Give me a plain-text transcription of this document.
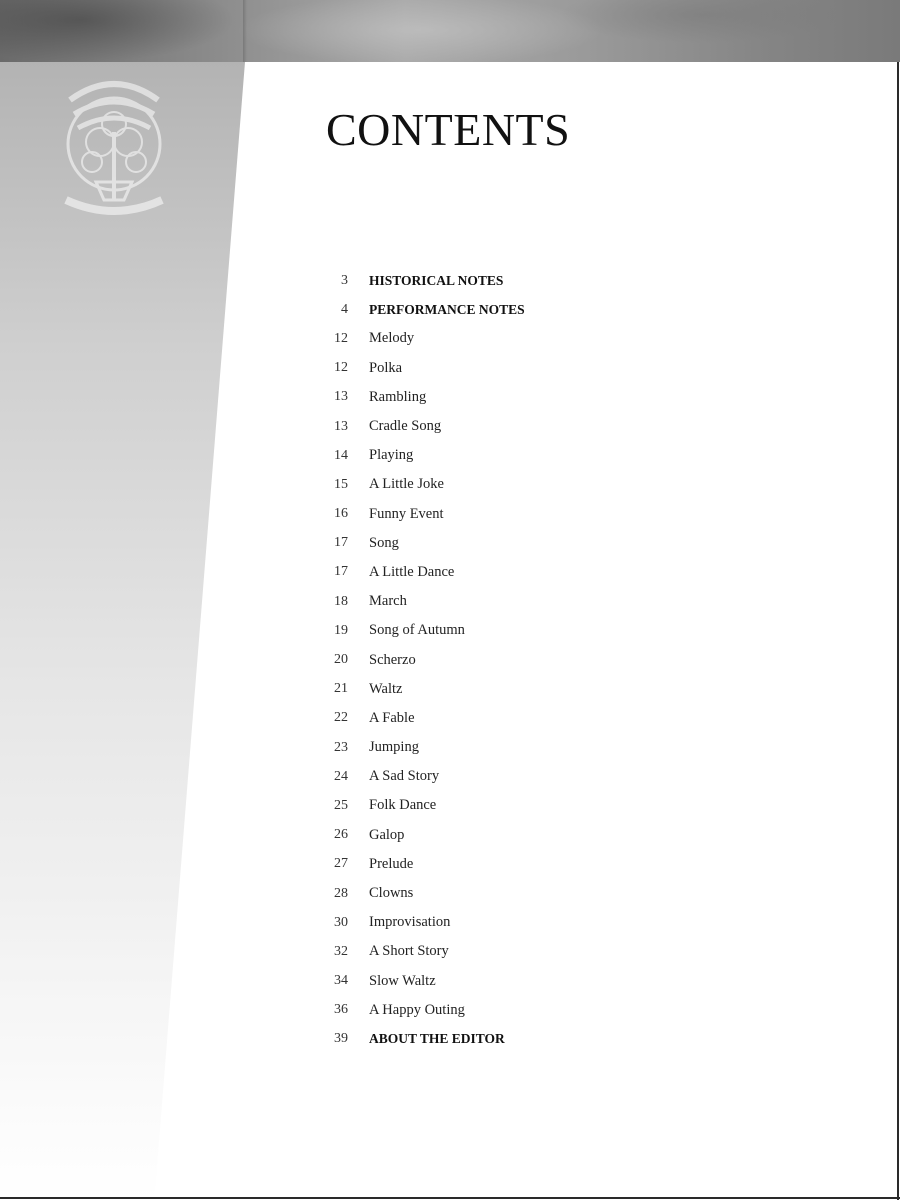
CONTENTS
3 HISTORICAL NOTES
4 PERFORMANCE NOTES
12 Melody
12 Polka
13 Rambling
13 Cradle Song
14 Playing
15 A Little Joke
16 Funny Event
17 Song
17 A Little Dance
18 March
19 Song of Autumn
20 Scherzo
21 Waltz
22 A Fable
23 Jumping
24 A Sad Story
25 Folk Dance
26 Galop
27 Prelude
28 Clowns
30 Improvisation
32 A Short Story
34 Slow Waltz
36 A Happy Outing
39 ABOUT THE EDITOR
